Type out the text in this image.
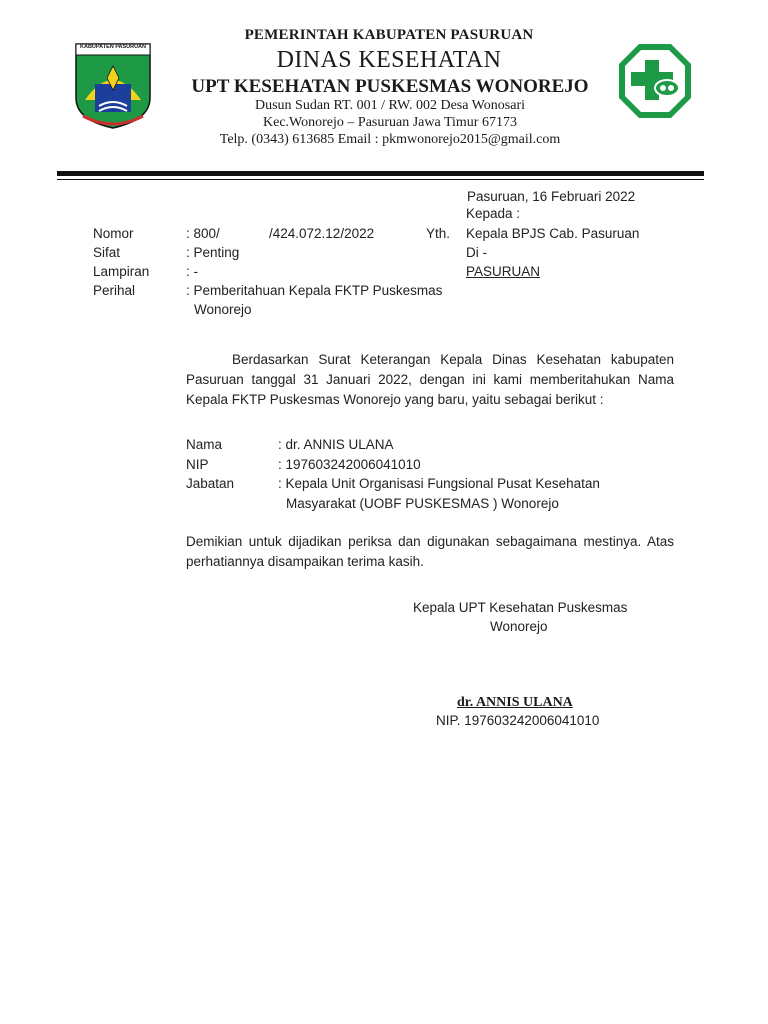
KABUPATEN PASURUAN
PEMERINTAH KABUPATEN PASURUAN
DINAS KESEHATAN
UPT KESEHATAN PUSKESMAS WONOREJO
Dusun Sudan RT. 001 / RW. 002 Desa Wonosari
Kec.Wonorejo – Pasuruan Jawa Timur 67173
Telp. (0343) 613685 Email : pkmwonorejo2015@gmail.com
Pasuruan, 16 Februari 2022
Kepada :
Yth. Kepala BPJS Cab. Pasuruan
Di -
PASURUAN
Nomor	: 800/	/424.072.12/2022
Sifat	: Penting
Lampiran	: -
Perihal	: Pemberitahuan Kepala FKTP Puskesmas
Wonorejo

Berdasarkan Surat Keterangan Kepala Dinas Kesehatan kabupaten

Pasuruan tanggal 31 Januari 2022, dengan ini kami memberitahukan Nama

Kepala FKTP Puskesmas Wonorejo yang baru, yaitu sebagai berikut :

Nama	: dr. ANNIS ULANA
NIP	: 197603242006041010
Jabatan	: Kepala Unit Organisasi Fungsional Pusat Kesehatan
Masyarakat (UOBF PUSKESMAS ) Wonorejo

Demikian untuk dijadikan periksa dan digunakan sebagaimana mestinya. Atas

perhatiannya disampaikan terima kasih.

Kepala UPT Kesehatan Puskesmas
Wonorejo
dr. ANNIS ULANA
NIP. 197603242006041010
